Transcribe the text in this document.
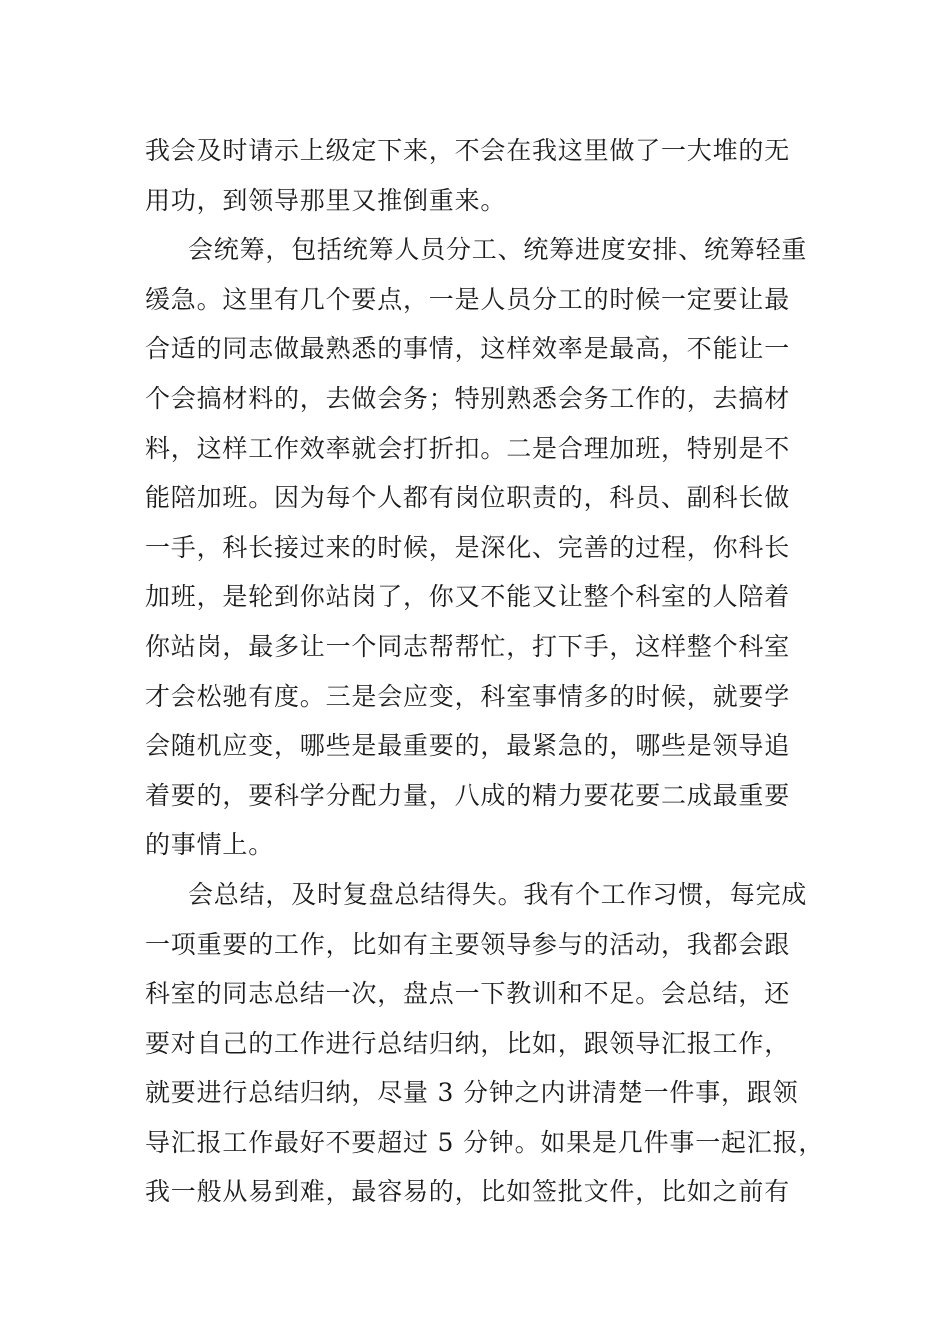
我会及时请示上级定下来，不会在我这里做了一大堆的无
用功，到领导那里又推倒重来。
会统筹，包括统筹人员分工、统筹进度安排、统筹轻重
缓急。这里有几个要点，一是人员分工的时候一定要让最
合适的同志做最熟悉的事情，这样效率是最高，不能让一
个会搞材料的，去做会务；特别熟悉会务工作的，去搞材
料，这样工作效率就会打折扣。二是合理加班，特别是不
能陪加班。因为每个人都有岗位职责的，科员、副科长做
一手，科长接过来的时候，是深化、完善的过程，你科长
加班，是轮到你站岗了，你又不能又让整个科室的人陪着
你站岗，最多让一个同志帮帮忙，打下手，这样整个科室
才会松驰有度。三是会应变，科室事情多的时候，就要学
会随机应变，哪些是最重要的，最紧急的，哪些是领导追
着要的，要科学分配力量，八成的精力要花要二成最重要
的事情上。
会总结，及时复盘总结得失。我有个工作习惯，每完成
一项重要的工作，比如有主要领导参与的活动，我都会跟
科室的同志总结一次，盘点一下教训和不足。会总结，还
要对自己的工作进行总结归纳，比如，跟领导汇报工作，
就要进行总结归纳，尽量 3 分钟之内讲清楚一件事，跟领
导汇报工作最好不要超过 5 分钟。如果是几件事一起汇报，
我一般从易到难，最容易的，比如签批文件，比如之前有
